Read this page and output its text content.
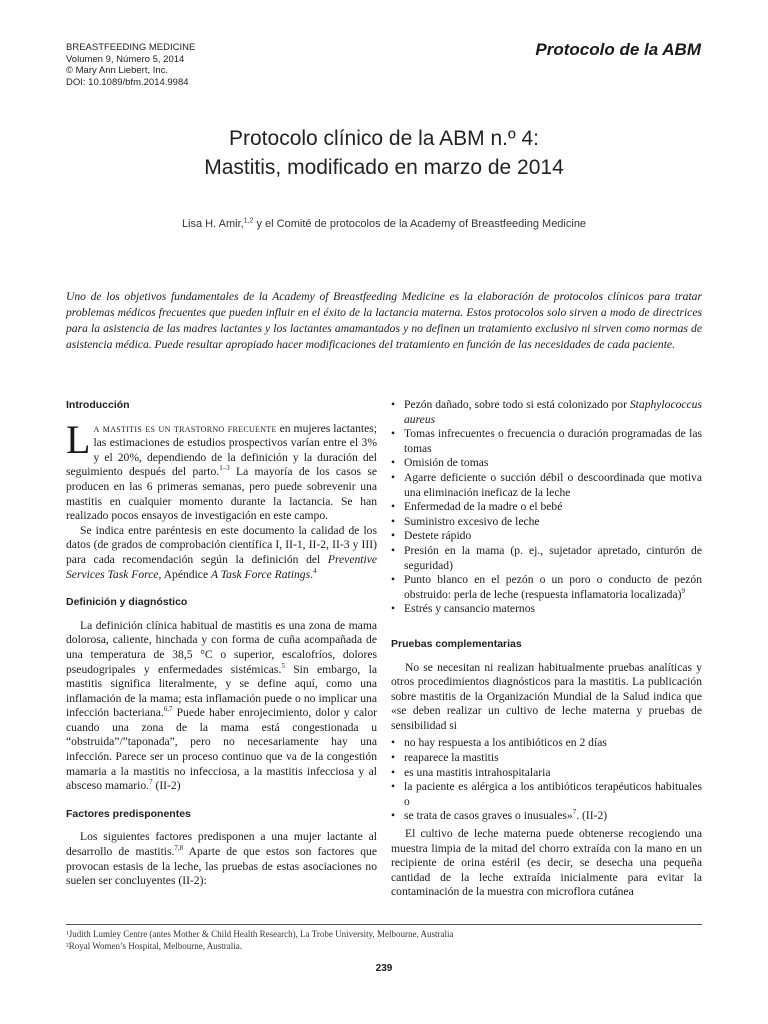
BREASTFEEDING MEDICINE
Volumen 9, Número 5, 2014
© Mary Ann Liebert, Inc.
DOI: 10.1089/bfm.2014.9984
Protocolo de la ABM
Protocolo clínico de la ABM n.º 4:
Mastitis, modificado en marzo de 2014
Lisa H. Amir,$^{1,2}$ y el Comité de protocolos de la Academy of Breastfeeding Medicine
Uno de los objetivos fundamentales de la Academy of Breastfeeding Medicine es la elaboración de protocolos clínicos para tratar problemas médicos frecuentes que pueden influir en el éxito de la lactancia materna. Estos protocolos solo sirven a modo de directrices para la asistencia de las madres lactantes y los lactantes amamantados y no definen un tratamiento exclusivo ni sirven como normas de asistencia médica. Puede resultar apropiado hacer modificaciones del tratamiento en función de las necesidades de cada paciente.
Introducción

La mastitis es un trastorno frecuente en mujeres lactantes; las estimaciones de estudios prospectivos varían entre el 3% y el 20%, dependiendo de la definición y la duración del seguimiento después del parto.$^{1-3}$ La mayoría de los casos se producen en las 6 primeras semanas, pero puede sobrevenir una mastitis en cualquier momento durante la lactancia. Se han realizado pocos ensayos de investigación en este campo.

Se indica entre paréntesis en este documento la calidad de los datos (de grados de comprobación científica I, II-1, II-2, II-3 y III) para cada recomendación según la definición del Preventive Services Task Force, Apéndice A Task Force Ratings.$^4$

Definición y diagnóstico

La definición clínica habitual de mastitis es una zona de mama dolorosa, caliente, hinchada y con forma de cuña acompañada de una temperatura de 38,5 °C o superior, escalofríos, dolores pseudogripales y enfermedades sistémicas.$^5$ Sin embargo, la mastitis significa literalmente, y se define aquí, como una inflamación de la mama; esta inflamación puede o no implicar una infección bacteriana.$^{6,7}$ Puede haber enrojecimiento, dolor y calor cuando una zona de la mama está congestionada u “obstruida”/”taponada”, pero no necesariamente hay una infección. Parece ser un proceso continuo que va de la congestión mamaria a la mastitis no infecciosa, a la mastitis infecciosa y al absceso mamario.$^7$ (II-2)

Factores predisponentes

Los siguientes factores predisponen a una mujer lactante al desarrollo de mastitis.$^{7,8}$ Aparte de que estos son factores que provocan estasis de la leche, las pruebas de estas asociaciones no suelen ser concluyentes (II-2):

• Pezón dañado, sobre todo si está colonizado por Staphylococcus aureus
• Tomas infrecuentes o frecuencia o duración programadas de las tomas
• Omisión de tomas
• Agarre deficiente o succión débil o descoordinada que motiva una eliminación ineficaz de la leche
• Enfermedad de la madre o el bebé
• Suministro excesivo de leche
• Destete rápido
• Presión en la mama (p. ej., sujetador apretado, cinturón de seguridad)
• Punto blanco en el pezón o un poro o conducto de pezón obstruido: perla de leche (respuesta inflamatoria localizada)$^9$
• Estrés y cansancio maternos
Pruebas complementarias

No se necesitan ni realizan habitualmente pruebas analíticas y otros procedimientos diagnósticos para la mastitis. La publicación sobre mastitis de la Organización Mundial de la Salud indica que «se deben realizar un cultivo de leche materna y pruebas de sensibilidad si

• no hay respuesta a los antibióticos en 2 días
• reaparece la mastitis
• es una mastitis intrahospitalaria
• la paciente es alérgica a los antibióticos terapéuticos habituales o
• se trata de casos graves o inusuales»$^7$. (II-2)

El cultivo de leche materna puede obtenerse recogiendo una muestra limpia de la mitad del chorro extraída con la mano en un recipiente de orina estéril (es decir, se desecha una pequeña cantidad de la leche extraída inicialmente para evitar la contaminación de la muestra con microflora cutánea

¹Judith Lumley Centre (antes Mother & Child Health Research), La Trobe University, Melbourne, Australia
²Royal Women’s Hospital, Melbourne, Australia.
239
